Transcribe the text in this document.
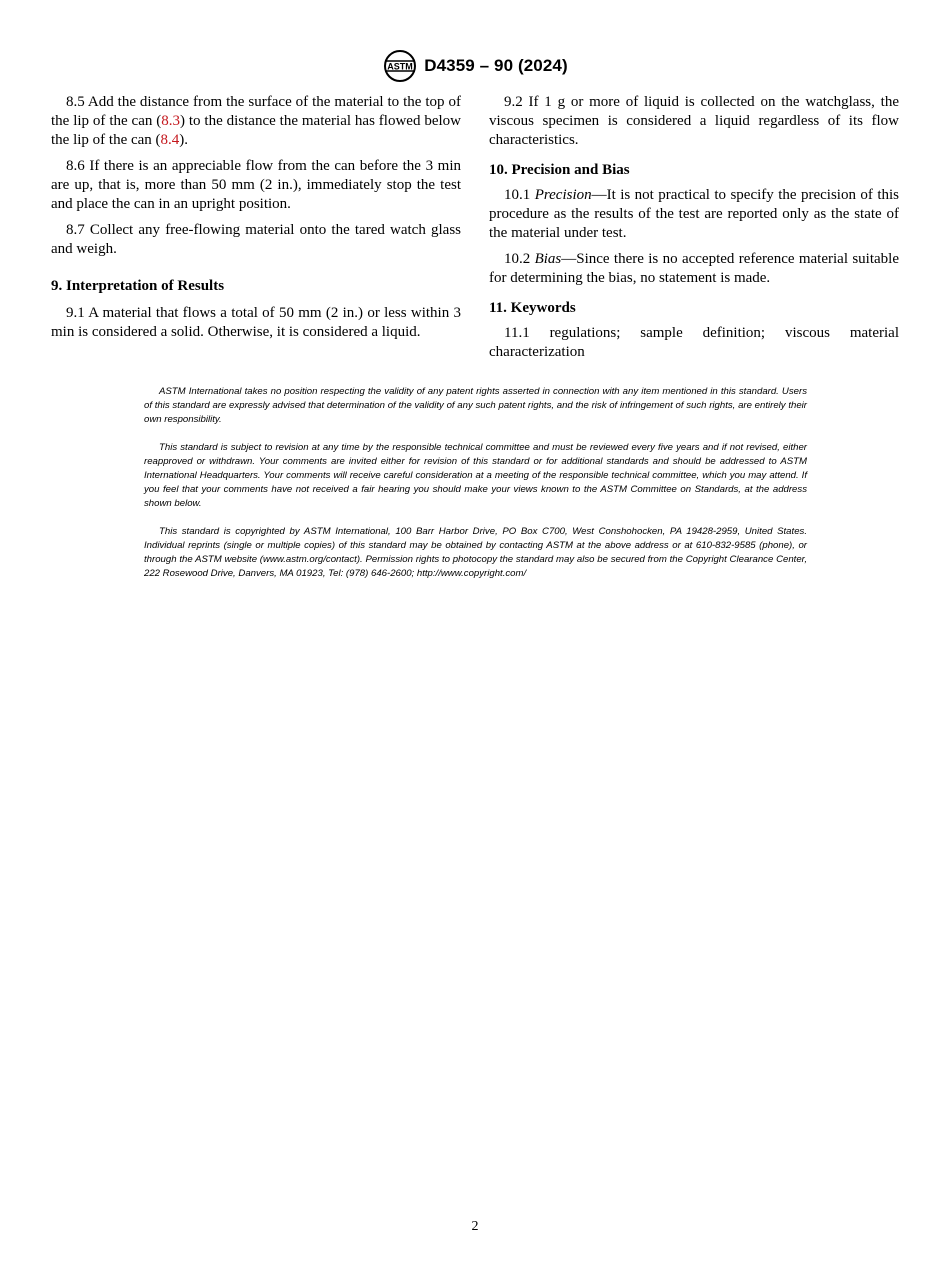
ASTM D4359 – 90 (2024)

8.5 Add the distance from the surface of the material to the top of the lip of the can (8.3) to the distance the material has flowed below the lip of the can (8.4).

8.6 If there is an appreciable flow from the can before the 3 min are up, that is, more than 50 mm (2 in.), immediately stop the test and place the can in an upright position.

8.7 Collect any free-flowing material onto the tared watch glass and weigh.

9. Interpretation of Results

9.1 A material that flows a total of 50 mm (2 in.) or less within 3 min is considered a solid. Otherwise, it is considered a liquid.

9.2 If 1 g or more of liquid is collected on the watchglass, the viscous specimen is considered a liquid regardless of its flow characteristics.

10. Precision and Bias

10.1 Precision—It is not practical to specify the precision of this procedure as the results of the test are reported only as the state of the material under test.

10.2 Bias—Since there is no accepted reference material suitable for determining the bias, no statement is made.

11. Keywords

11.1 regulations; sample definition; viscous material characterization

ASTM International takes no position respecting the validity of any patent rights asserted in connection with any item mentioned in this standard. Users of this standard are expressly advised that determination of the validity of any such patent rights, and the risk of infringement of such rights, are entirely their own responsibility.

This standard is subject to revision at any time by the responsible technical committee and must be reviewed every five years and if not revised, either reapproved or withdrawn. Your comments are invited either for revision of this standard or for additional standards and should be addressed to ASTM International Headquarters. Your comments will receive careful consideration at a meeting of the responsible technical committee, which you may attend. If you feel that your comments have not received a fair hearing you should make your views known to the ASTM Committee on Standards, at the address shown below.

This standard is copyrighted by ASTM International, 100 Barr Harbor Drive, PO Box C700, West Conshohocken, PA 19428-2959, United States. Individual reprints (single or multiple copies) of this standard may be obtained by contacting ASTM at the above address or at 610-832-9585 (phone), or through the ASTM website (www.astm.org/contact). Permission rights to photocopy the standard may also be secured from the Copyright Clearance Center, 222 Rosewood Drive, Danvers, MA 01923, Tel: (978) 646-2600; http://www.copyright.com/

2
